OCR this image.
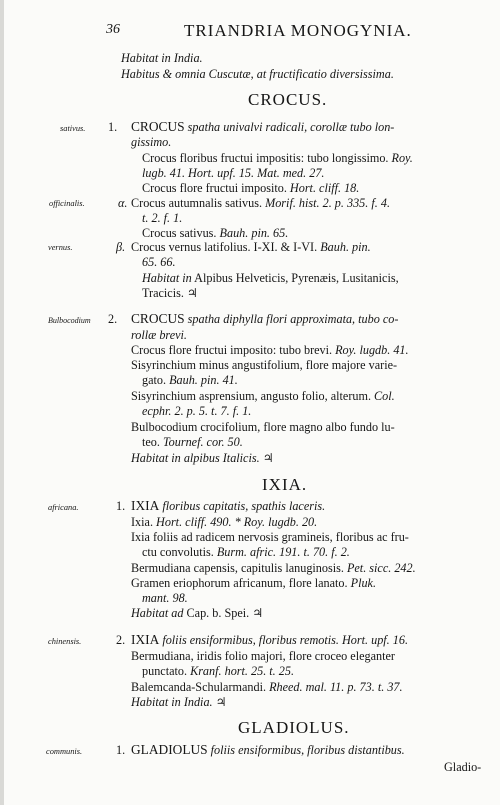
36	TRIANDRIA MONOGYNIA.
Habitat in India.
Habitus & omnia Cuscutæ, at fructificatio diversissima.
CROCUS.
sativus. 1. CROCUS spatha univalvi radicali, corollæ tubo lon-
gissimo.
Crocus floribus fructui impositis: tubo longissimo. Roy.
lugb. 41. Hort. upf. 15. Mat. med. 27.
Crocus flore fructui imposito. Hort. cliff. 18.
officinalis.	α. Crocus autumnalis sativus. Morif. hist. 2. p. 335. f. 4.
t. 2. f. 1.
Crocus sativus. Bauh. pin. 65.
vernus.	β. Crocus vernus latifolius. I-XI. & I-VI. Bauh. pin.
65. 66.
Habitat in Alpibus Helveticis, Pyrenæis, Lusitanicis,
Tracicis. ♃
Bulbocodium 2. CROCUS spatha diphylla flori approximata, tubo co-
rollæ brevi.
Crocus flore fructui imposito: tubo brevi. Roy. lugdb. 41.
Sisyrinchium minus angustifolium, flore majore varie-
gato. Bauh. pin. 41.
Sisyrinchium asprensium, angusto folio, alterum. Col.
ecphr. 2. p. 5. t. 7. f. 1.
Bulbocodium crocifolium, flore magno albo fundo lu-
teo. Tournef. cor. 50.
Habitat in alpibus Italicis. ♃
IXIA.
africana.	1. IXIA floribus capitatis, spathis laceris.
Ixia. Hort. cliff. 490. * Roy. lugdb. 20.
Ixia foliis ad radicem nervosis gramineis, floribus ac fru-
ctu convolutis. Burm. afric. 191. t. 70. f. 2.
Bermudiana capensis, capitulis lanuginosis. Pet. sicc. 242.
Gramen eriophorum africanum, flore lanato. Pluk.
mant. 98.
Habitat ad Cap. b. Spei. ♃
chinensis.	2. IXIA foliis ensiformibus, floribus remotis. Hort. upf. 16.
Bermudiana, iridis folio majori, flore croceo eleganter
punctato. Kranf. hort. 25. t. 25.
Balemcanda-Schularmandi. Rheed. mal. 11. p. 73. t. 37.
Habitat in India. ♃
GLADIOLUS.
communis.	1. GLADIOLUS foliis ensiformibus, floribus distantibus.
Gladio-
